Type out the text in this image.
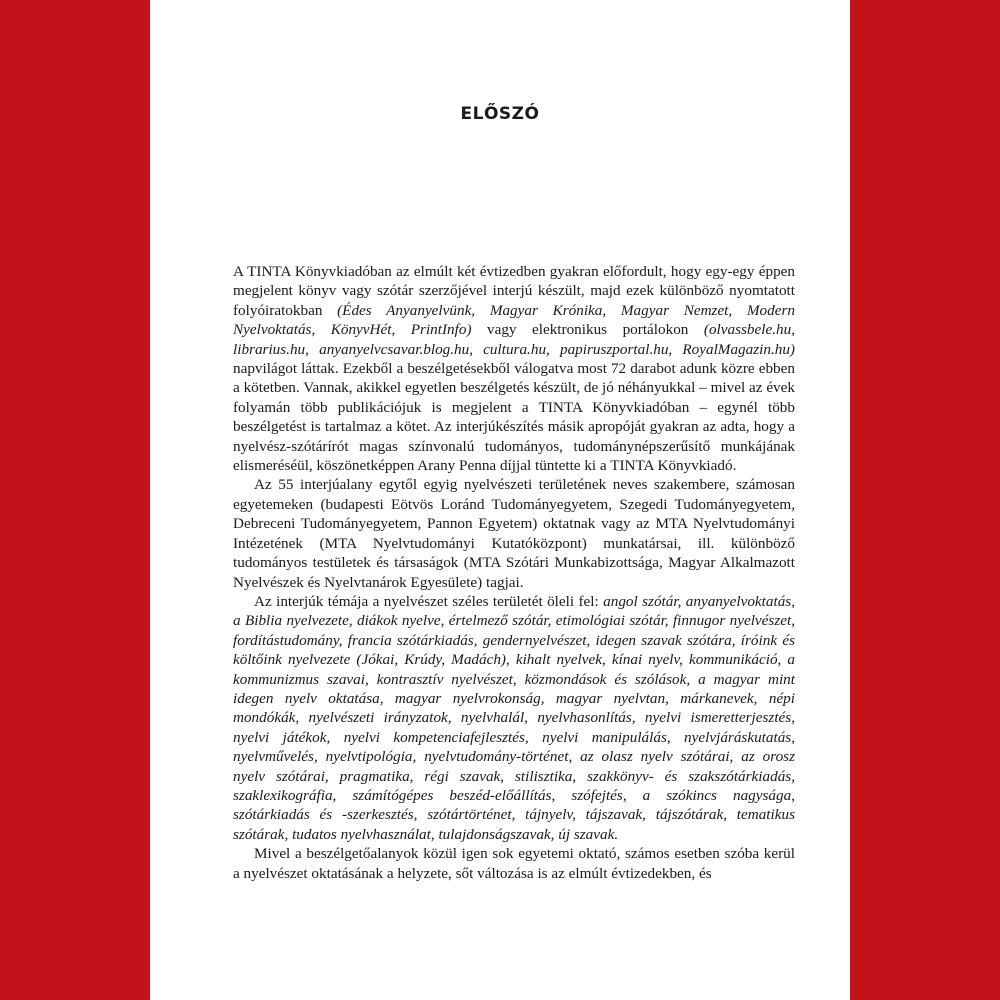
ELŐSZÓ

A TINTA Könyvkiadóban az elmúlt két évtizedben gyakran előfordult, hogy egy-egy éppen megjelent könyv vagy szótár szerzőjével interjú készült, majd ezek különböző nyomtatott folyóiratokban (Édes Anyanyelvünk, Magyar Krónika, Magyar Nemzet, Modern Nyelvoktatás, KönyvHét, PrintInfo) vagy elektronikus portálokon (olvassbele.hu, librarius.hu, anyanyelvcsavar.blog.hu, cultura.hu, papiruszportal.hu, RoyalMagazin.hu) napvilágot láttak. Ezekből a beszélgetésekből válogatva most 72 darabot adunk közre ebben a kötetben. Vannak, akikkel egyetlen beszélgetés készült, de jó néhányukkal – mivel az évek folyamán több publikációjuk is megjelent a TINTA Könyvkiadóban – egynél több beszélgetést is tartalmaz a kötet. Az interjúkészítés másik apropóját gyakran az adta, hogy a nyelvész-szótárírót magas színvonalú tudományos, tudománynépszerűsítő munkájának elismeréséül, köszönetképpen Arany Penna díjjal tüntette ki a TINTA Könyvkiadó.

Az 55 interjúalany egytől egyig nyelvészeti területének neves szakembere, számosan egyetemeken (budapesti Eötvös Loránd Tudományegyetem, Szegedi Tudományegyetem, Debreceni Tudományegyetem, Pannon Egyetem) oktatnak vagy az MTA Nyelvtudományi Intézetének (MTA Nyelvtudományi Kutatóközpont) munkatársai, ill. különböző tudományos testületek és társaságok (MTA Szótári Munkabizottsága, Magyar Alkalmazott Nyelvészek és Nyelvtanárok Egyesülete) tagjai.

Az interjúk témája a nyelvészet széles területét öleli fel: angol szótár, anyanyelvoktatás, a Biblia nyelvezete, diákok nyelve, értelmező szótár, etimológiai szótár, finnugor nyelvészet, fordítástudomány, francia szótárkiadás, gendernyelvészet, idegen szavak szótára, íróink és költőink nyelvezete (Jókai, Krúdy, Madách), kihalt nyelvek, kínai nyelv, kommunikáció, a kommunizmus szavai, kontrasztív nyelvészet, közmondások és szólások, a magyar mint idegen nyelv oktatása, magyar nyelvrokonság, magyar nyelvtan, márkanevek, népi mondókák, nyelvészeti irányzatok, nyelvhalál, nyelvhasonlítás, nyelvi ismeretterjesztés, nyelvi játékok, nyelvi kompetenciafejlesztés, nyelvi manipulálás, nyelvjáráskutatás, nyelvművelés, nyelvtipológia, nyelvtudomány-történet, az olasz nyelv szótárai, az orosz nyelv szótárai, pragmatika, régi szavak, stilisztika, szakkönyv- és szakszótárkiadás, szaklexikográfia, számítógépes beszéd-előállítás, szófejtés, a szókincs nagysága, szótárkiadás és -szerkesztés, szótártörténet, tájnyelv, tájszavak, tájszótárak, tematikus szótárak, tudatos nyelvhasználat, tulajdonságszavak, új szavak.

Mivel a beszélgetőalanyok közül igen sok egyetemi oktató, számos esetben szóba kerül a nyelvészet oktatásának a helyzete, sőt változása is az elmúlt évtizedekben, és
